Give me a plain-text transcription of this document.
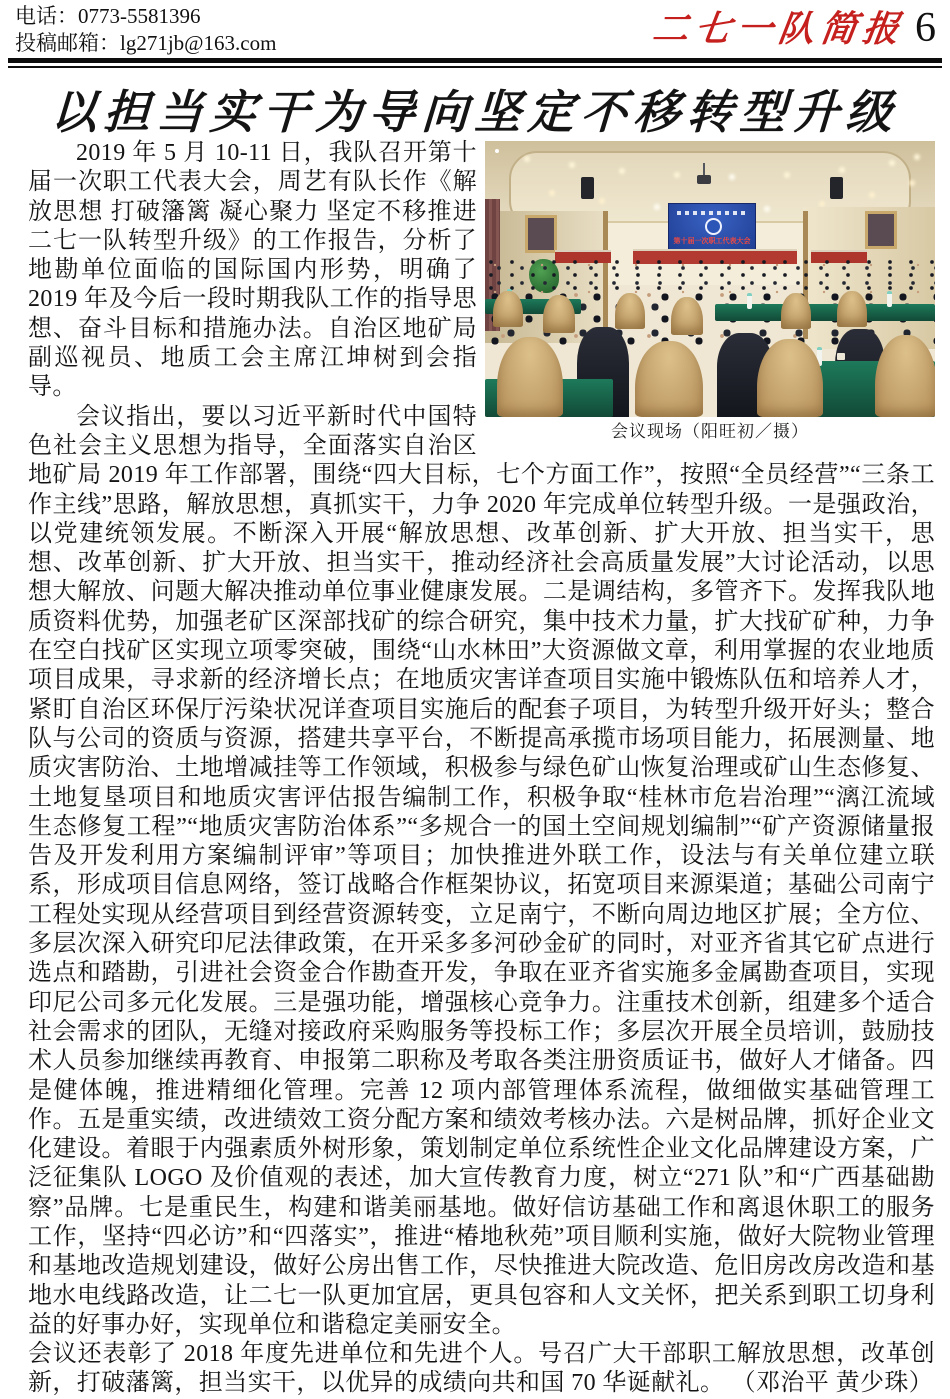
电话：0773-5581396
投稿邮箱：lg271jb@163.com	二七一队简报 6
以担当实干为导向坚定不移转型升级
第十届一次职工代表大会
会议现场（阳旺初／摄）

2019 年 5 月 10-11 日，我队召开第十届一次职工代表大会，周艺有队长作《解放思想 打破籓篱 凝心聚力 坚定不移推进二七一队转型升级》的工作报告，分析了地勘单位面临的国际国内形势，明确了 2019 年及今后一段时期我队工作的指导思想、奋斗目标和措施办法。自治区地矿局副巡视员、地质工会主席江坤树到会指导。

会议指出，要以习近平新时代中国特色社会主义思想为指导，全面落实自治区地矿局 2019 年工作部署，围绕“四大目标，七个方面工作”，按照“全员经营”“三条工作主线”思路，解放思想，真抓实干，力争 2020 年完成单位转型升级。一是强政治，以党建统领发展。不断深入开展“解放思想、改革创新、扩大开放、担当实干，思想、改革创新、扩大开放、担当实干，推动经济社会高质量发展”大讨论活动，以思想大解放、问题大解决推动单位事业健康发展。二是调结构，多管齐下。发挥我队地质资料优势，加强老矿区深部找矿的综合研究，集中技术力量，扩大找矿矿种，力争在空白找矿区实现立项零突破，围绕“山水林田”大资源做文章，利用掌握的农业地质项目成果，寻求新的经济增长点；在地质灾害详查项目实施中锻炼队伍和培养人才，紧盯自治区环保厅污染状况详查项目实施后的配套子项目，为转型升级开好头；整合队与公司的资质与资源，搭建共享平台，不断提高承揽市场项目能力，拓展测量、地质灾害防治、土地增减挂等工作领域，积极参与绿色矿山恢复治理或矿山生态修复、土地复垦项目和地质灾害评估报告编制工作，积极争取“桂林市危岩治理”“漓江流域生态修复工程”“地质灾害防治体系”“多规合一的国土空间规划编制”“矿产资源储量报告及开发利用方案编制评审”等项目；加快推进外联工作，设法与有关单位建立联系，形成项目信息网络，签订战略合作框架协议，拓宽项目来源渠道；基础公司南宁工程处实现从经营项目到经营资源转变，立足南宁，不断向周边地区扩展；全方位、多层次深入研究印尼法律政策，在开采多多河砂金矿的同时，对亚齐省其它矿点进行选点和踏勘，引进社会资金合作勘查开发，争取在亚齐省实施多金属勘查项目，实现印尼公司多元化发展。三是强功能，增强核心竞争力。注重技术创新，组建多个适合社会需求的团队，无缝对接政府采购服务等投标工作；多层次开展全员培训，鼓励技术人员参加继续再教育、申报第二职称及考取各类注册资质证书，做好人才储备。四是健体魄，推进精细化管理。完善 12 项内部管理体系流程，做细做实基础管理工作。五是重实绩，改进绩效工资分配方案和绩效考核办法。六是树品牌，抓好企业文化建设。着眼于内强素质外树形象，策划制定单位系统性企业文化品牌建设方案，广泛征集队 LOGO 及价值观的表述，加大宣传教育力度，树立“271 队”和“广西基础勘察”品牌。七是重民生，构建和谐美丽基地。做好信访基础工作和离退休职工的服务工作，坚持“四必访”和“四落实”，推进“椿地秋苑”项目顺利实施，做好大院物业管理和基地改造规划建设，做好公房出售工作，尽快推进大院改造、危旧房改房改造和基地水电线路改造，让二七一队更加宜居，更具包容和人文关怀，把关系到职工切身利益的好事办好，实现单位和谐稳定美丽安全。

会议还表彰了 2018 年度先进单位和先进个人。号召广大干部职工解放思想，改革创新，打破藩篱，担当实干，以优异的成绩向共和国 70 华诞献礼。 （邓治平 黄少珠）
